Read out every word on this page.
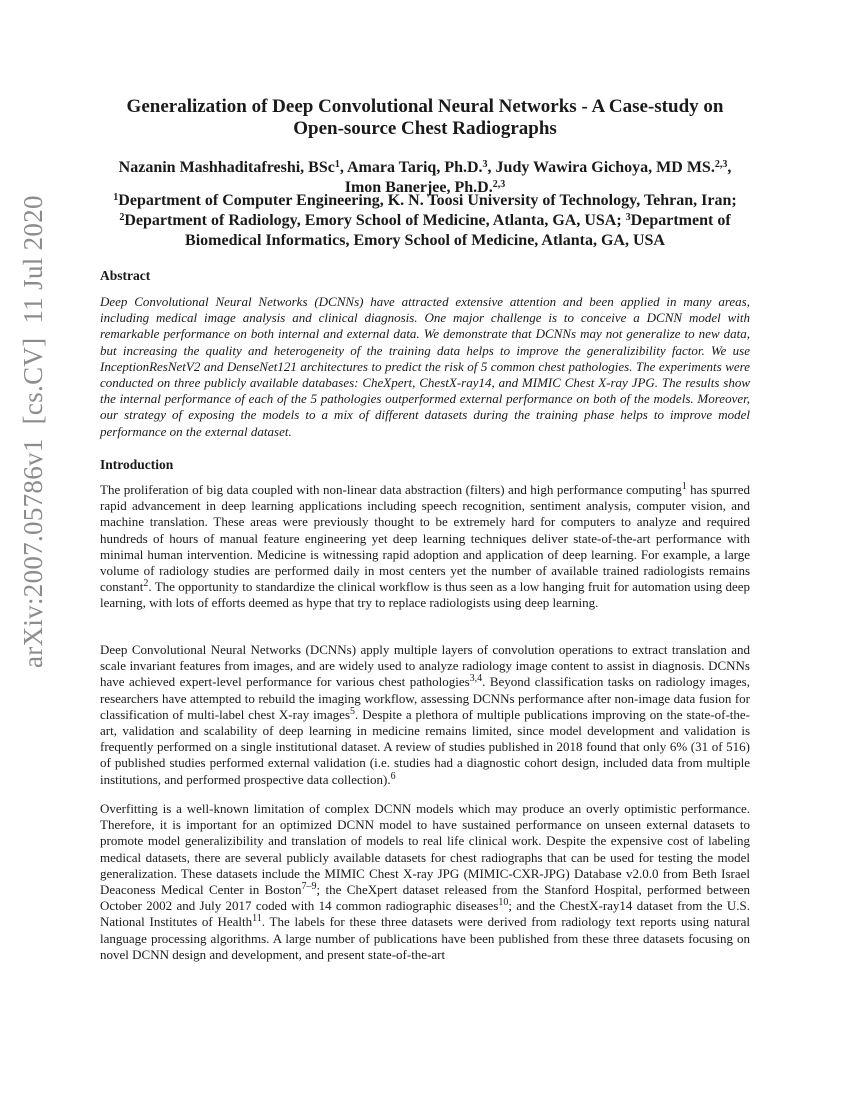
arXiv:2007.05786v1[cs.CV]11 Jul 2020
Generalization of Deep Convolutional Neural Networks - A Case-study on
Open-source Chest Radiographs
Nazanin Mashhaditafreshi, BSc$^1$, Amara Tariq, Ph.D.$^3$, Judy Wawira Gichoya, MD MS.$^{2,3}$,
Imon Banerjee, Ph.D.$^{2,3}$
$^1$Department of Computer Engineering, K. N. Toosi University of Technology, Tehran, Iran; $^2$Department of Radiology, Emory School of Medicine, Atlanta, GA, USA; $^3$Department of Biomedical Informatics, Emory School of Medicine, Atlanta, GA, USA
Abstract

Deep Convolutional Neural Networks (DCNNs) have attracted extensive attention and been applied in many areas, including medical image analysis and clinical diagnosis. One major challenge is to conceive a DCNN model with remarkable performance on both internal and external data. We demonstrate that DCNNs may not generalize to new data, but increasing the quality and heterogeneity of the training data helps to improve the generalizibility factor. We use InceptionResNetV2 and DenseNet121 architectures to predict the risk of 5 common chest pathologies. The experiments were conducted on three publicly available databases: CheXpert, ChestX-ray14, and MIMIC Chest X-ray JPG. The results show the internal performance of each of the 5 pathologies outperformed external performance on both of the models. Moreover, our strategy of exposing the models to a mix of different datasets during the training phase helps to improve model performance on the external dataset.

Introduction

The proliferation of big data coupled with non-linear data abstraction (filters) and high performance computing$^1$ has spurred rapid advancement in deep learning applications including speech recognition, sentiment analysis, computer vision, and machine translation. These areas were previously thought to be extremely hard for computers to analyze and required hundreds of hours of manual feature engineering yet deep learning techniques deliver state-of-the-art performance with minimal human intervention. Medicine is witnessing rapid adoption and application of deep learning. For example, a large volume of radiology studies are performed daily in most centers yet the number of available trained radiologists remains constant$^2$. The opportunity to standardize the clinical workflow is thus seen as a low hanging fruit for automation using deep learning, with lots of efforts deemed as hype that try to replace radiologists using deep learning.

Deep Convolutional Neural Networks (DCNNs) apply multiple layers of convolution operations to extract translation and scale invariant features from images, and are widely used to analyze radiology image content to assist in diagnosis. DCNNs have achieved expert-level performance for various chest pathologies$^{3,4}$. Beyond classification tasks on radiology images, researchers have attempted to rebuild the imaging workflow, assessing DCNNs performance after non-image data fusion for classification of multi-label chest X-ray images$^5$. Despite a plethora of multiple publications improving on the state-of-the-art, validation and scalability of deep learning in medicine remains limited, since model development and validation is frequently performed on a single institutional dataset. A review of studies published in 2018 found that only 6% (31 of 516) of published studies performed external validation (i.e. studies had a diagnostic cohort design, included data from multiple institutions, and performed prospective data collection).$^6$

Overfitting is a well-known limitation of complex DCNN models which may produce an overly optimistic performance. Therefore, it is important for an optimized DCNN model to have sustained performance on unseen external datasets to promote model generalizibility and translation of models to real life clinical work. Despite the expensive cost of labeling medical datasets, there are several publicly available datasets for chest radiographs that can be used for testing the model generalization. These datasets include the MIMIC Chest X-ray JPG (MIMIC-CXR-JPG) Database v2.0.0 from Beth Israel Deaconess Medical Center in Boston$^{7-9}$; the CheXpert dataset released from the Stanford Hospital, performed between October 2002 and July 2017 coded with 14 common radiographic diseases$^{10}$; and the ChestX-ray14 dataset from the U.S. National Institutes of Health$^{11}$. The labels for these three datasets were derived from radiology text reports using natural language processing algorithms. A large number of publications have been published from these three datasets focusing on novel DCNN design and development, and present state-of-the-art
